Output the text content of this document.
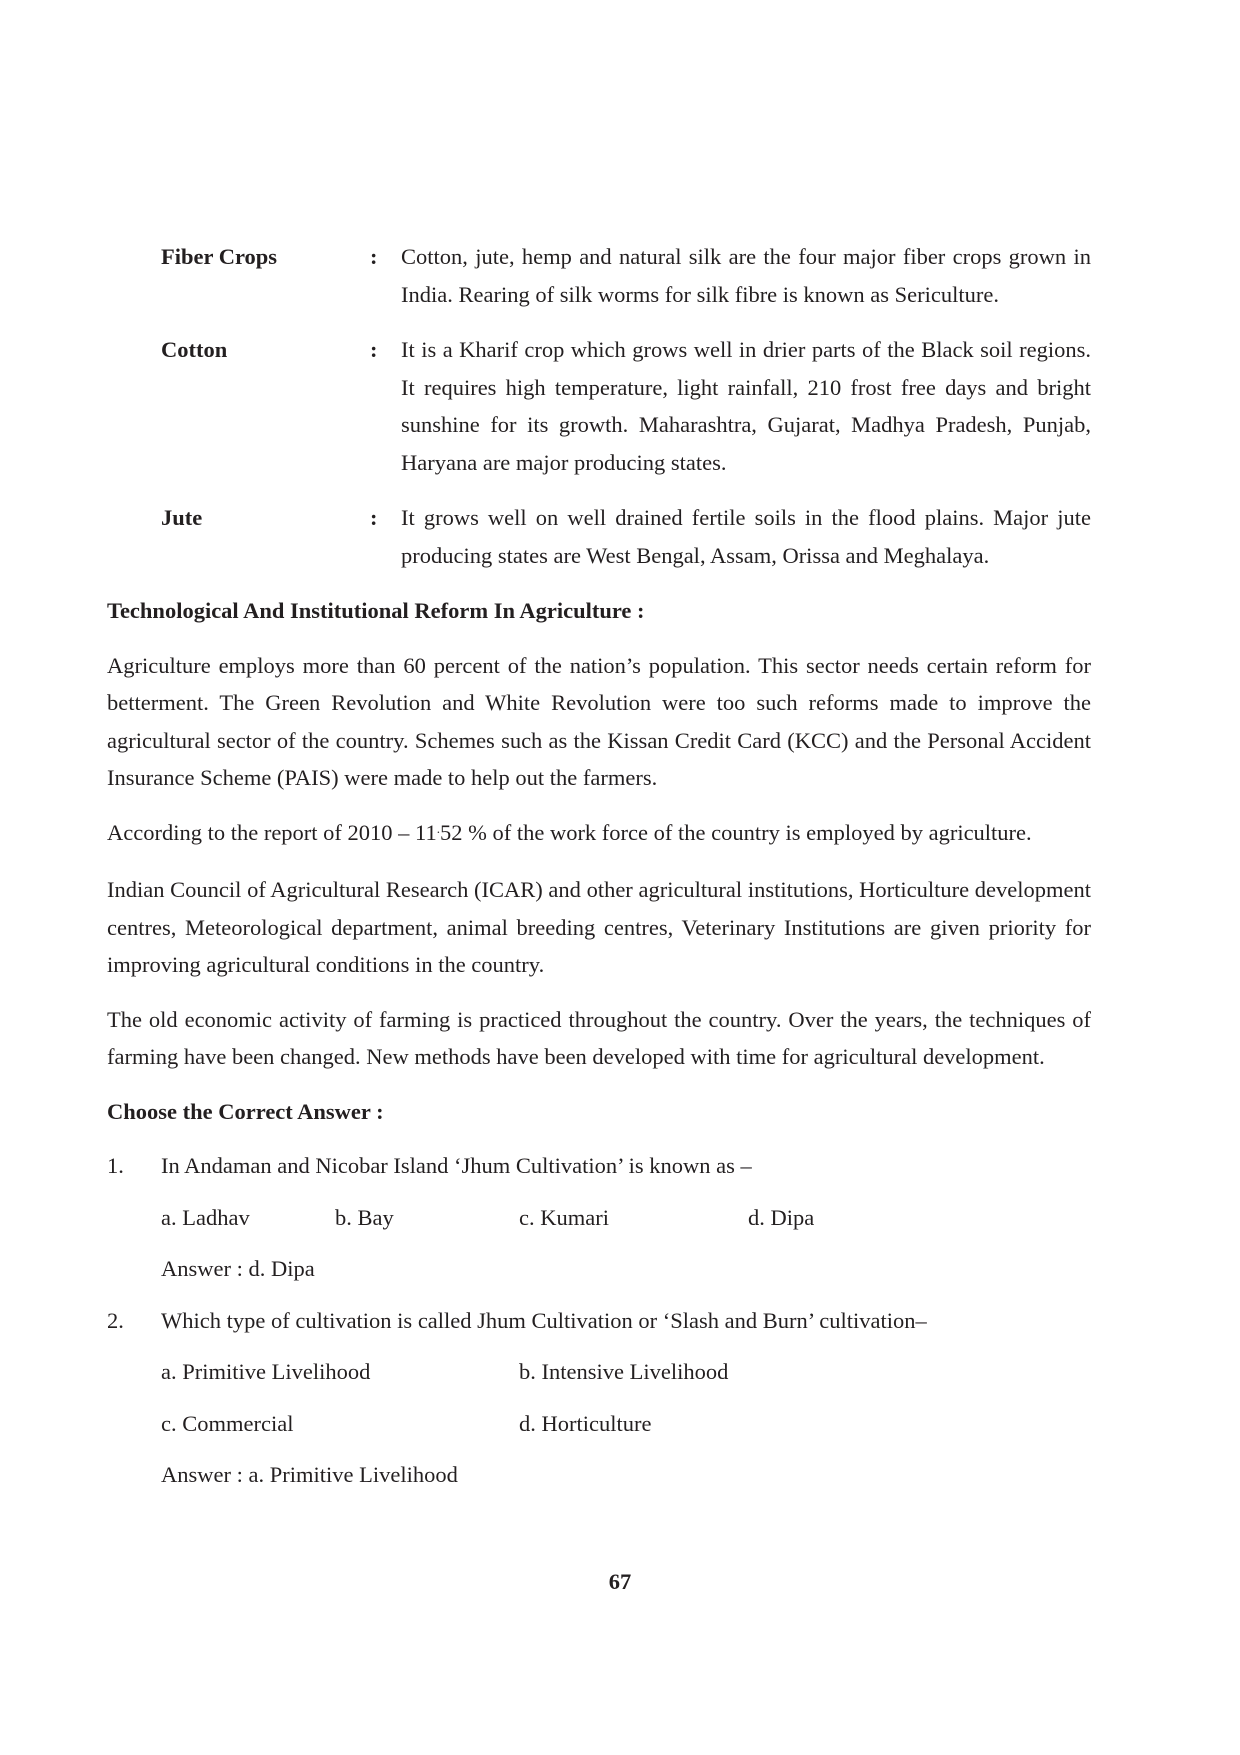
Fiber Crops	:	Cotton, jute, hemp and natural silk are the four major fiber crops grown in India. Rearing of silk worms for silk fibre is known as Sericulture.
Cotton	:	It is a Kharif crop which grows well in drier parts of the Black soil regions. It requires high temperature, light rainfall, 210 frost free days and bright sunshine for its growth. Maharashtra, Gujarat, Madhya Pradesh, Punjab, Haryana are major producing states.
Jute	:	It grows well on well drained fertile soils in the flood plains. Major jute producing states are West Bengal, Assam, Orissa and Meghalaya.
Technological And Institutional Reform In Agriculture :

Agriculture employs more than 60 percent of the nation’s population. This sector needs certain reform for betterment. The Green Revolution and White Revolution were too such reforms made to improve the agricultural sector of the country. Schemes such as the Kissan Credit Card (KCC) and the Personal Accident Insurance Scheme (PAIS) were made to help out the farmers.

According to the report of 2010 – 11.52 % of the work force of the country is employed by agriculture.

Indian Council of Agricultural Research (ICAR) and other agricultural institutions, Horticulture development centres, Meteorological department, animal breeding centres, Veterinary Institutions are given priority for improving agricultural conditions in the country.

The old economic activity of farming is practiced throughout the country. Over the years, the techniques of farming have been changed. New methods have been developed with time for agricultural development.

Choose the Correct Answer :
1.	In Andaman and Nicobar Island ‘Jhum Cultivation’ is known as –
a. Ladhav	b. Bay	c. Kumari	d. Dipa
Answer : d. Dipa
2.	Which type of cultivation is called Jhum Cultivation or ‘Slash and Burn’ cultivation–
a. Primitive Livelihood	b. Intensive Livelihood
c. Commercial	d. Horticulture
Answer : a. Primitive Livelihood
67
